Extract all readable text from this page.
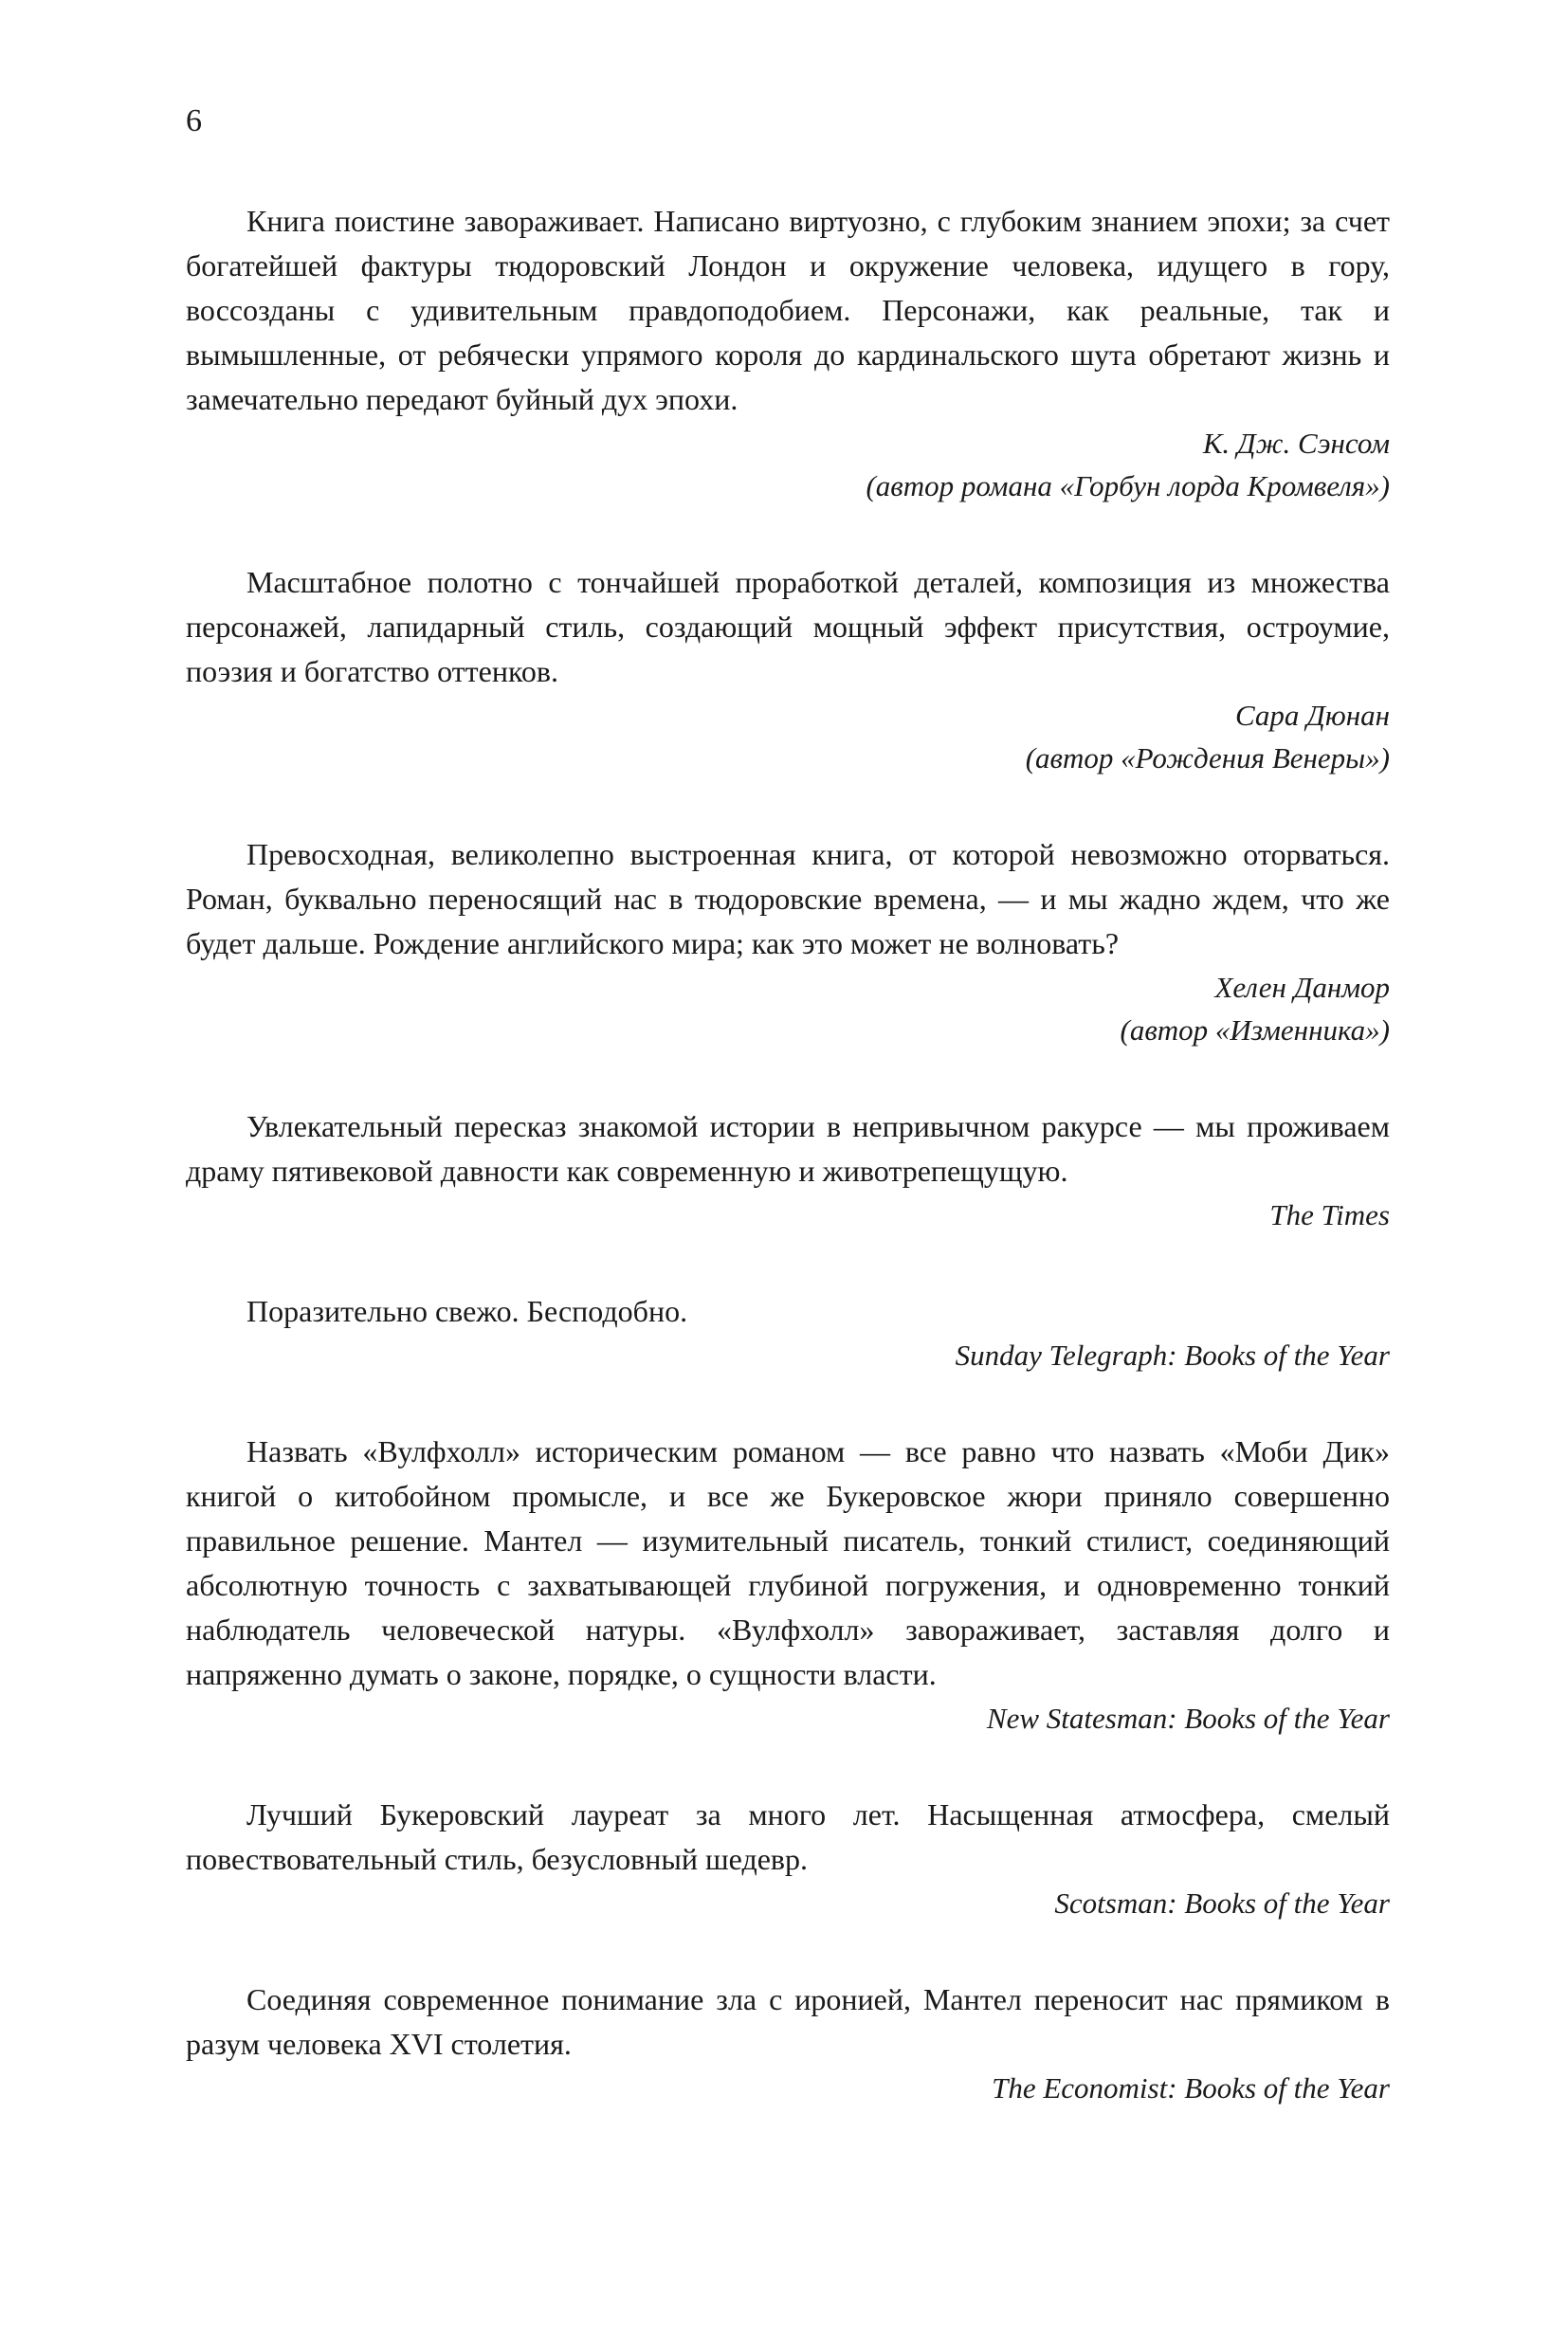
6

Книга поистине завораживает. Написано виртуозно, с глубоким знанием эпохи; за счет богатейшей фактуры тюдоровский Лондон и окружение человека, идущего в гору, воссозданы с удивительным правдоподобием. Персонажи, как реальные, так и вымышленные, от ребячески упрямого короля до кардинальского шута обретают жизнь и замечательно передают буйный дух эпохи.

К. Дж. Сэнсом

(автор романа «Горбун лорда Кромвеля»)

Масштабное полотно с тончайшей проработкой деталей, композиция из множества персонажей, лапидарный стиль, создающий мощный эффект присутствия, остроумие, поэзия и богатство оттенков.

Сара Дюнан

(автор «Рождения Венеры»)

Превосходная, великолепно выстроенная книга, от которой невозможно оторваться. Роман, буквально переносящий нас в тюдоровские времена, — и мы жадно ждем, что же будет дальше. Рождение английского мира; как это может не волновать?

Хелен Данмор

(автор «Изменника»)

Увлекательный пересказ знакомой истории в непривычном ракурсе — мы проживаем драму пятивековой давности как современную и животрепещущую.

The Times

Поразительно свежо. Бесподобно.

Sunday Telegraph: Books of the Year

Назвать «Вулфхолл» историческим романом — все равно что назвать «Моби Дик» книгой о китобойном промысле, и все же Букеровское жюри приняло совершенно правильное решение. Мантел — изумительный писатель, тонкий стилист, соединяющий абсолютную точность с захватывающей глубиной погружения, и одновременно тонкий наблюдатель человеческой натуры. «Вулфхолл» завораживает, заставляя долго и напряженно думать о законе, порядке, о сущности власти.

New Statesman: Books of the Year

Лучший Букеровский лауреат за много лет. Насыщенная атмосфера, смелый повествовательный стиль, безусловный шедевр.

Scotsman: Books of the Year

Соединяя современное понимание зла с иронией, Мантел переносит нас прямиком в разум человека XVI столетия.

The Economist: Books of the Year
